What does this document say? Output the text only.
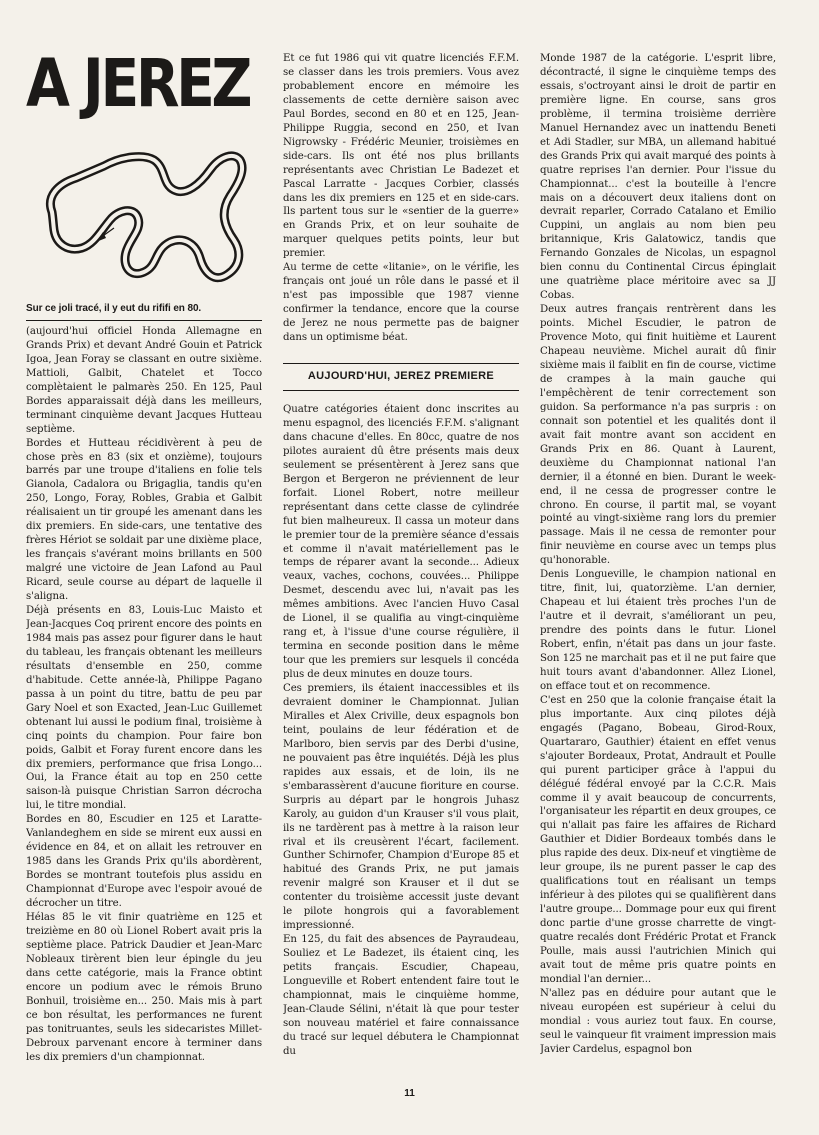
A JEREZ
Sur ce joli tracé, il y eut du rififi en 80.

(aujourd'hui officiel Honda Allemagne en Grands Prix) et devant André Gouin et Patrick Igoa, Jean Foray se classant en outre sixième. Mattioli, Galbit, Chatelet et Tocco complètaient le palmarès 250. En 125, Paul Bordes apparaissait déjà dans les meilleurs, terminant cinquième devant Jacques Hutteau septième.

Bordes et Hutteau récidivèrent à peu de chose près en 83 (six et onzième), toujours barrés par une troupe d'italiens en folie tels Gianola, Cadalora ou Brigaglia, tandis qu'en 250, Longo, Foray, Robles, Grabia et Galbit réalisaient un tir groupé les amenant dans les dix premiers. En side-cars, une tentative des frères Hériot se soldait par une dixième place, les français s'avérant moins brillants en 500 malgré une victoire de Jean Lafond au Paul Ricard, seule course au départ de laquelle il s'aligna.

Déjà présents en 83, Louis-Luc Maisto et Jean-Jacques Coq prirent encore des points en 1984 mais pas assez pour figurer dans le haut du tableau, les français obtenant les meilleurs résultats d'ensemble en 250, comme d'habitude. Cette année-là, Philippe Pagano passa à un point du titre, battu de peu par Gary Noel et son Exacted, Jean-Luc Guillemet obtenant lui aussi le podium final, troisième à cinq points du champion. Pour faire bon poids, Galbit et Foray furent encore dans les dix premiers, performance que frisa Longo... Oui, la France était au top en 250 cette saison-là puisque Christian Sarron décrocha lui, le titre mondial.

Bordes en 80, Escudier en 125 et Laratte-Vanlandeghem en side se mirent eux aussi en évidence en 84, et on allait les retrouver en 1985 dans les Grands Prix qu'ils abordèrent, Bordes se montrant toutefois plus assidu en Championnat d'Europe avec l'espoir avoué de décrocher un titre.

Hélas 85 le vit finir quatrième en 125 et treizième en 80 où Lionel Robert avait pris la septième place. Patrick Daudier et Jean-Marc Nobleaux tirèrent bien leur épingle du jeu dans cette catégorie, mais la France obtint encore un podium avec le rémois Bruno Bonhuil, troisième en... 250. Mais mis à part ce bon résultat, les performances ne furent pas tonitruantes, seuls les sidecaristes Millet-Debroux parvenant encore à terminer dans les dix premiers d'un championnat.

Et ce fut 1986 qui vit quatre licenciés F.F.M. se classer dans les trois premiers. Vous avez probablement encore en mémoire les classements de cette dernière saison avec Paul Bordes, second en 80 et en 125, Jean-Philippe Ruggia, second en 250, et Ivan Nigrowsky - Frédéric Meunier, troisièmes en side-cars. Ils ont été nos plus brillants représentants avec Christian Le Badezet et Pascal Larratte - Jacques Corbier, classés dans les dix premiers en 125 et en side-cars. Ils partent tous sur le «sentier de la guerre» en Grands Prix, et on leur souhaite de marquer quelques petits points, leur but premier.

Au terme de cette «litanie», on le vérifie, les français ont joué un rôle dans le passé et il n'est pas impossible que 1987 vienne confirmer la tendance, encore que la course de Jerez ne nous permette pas de baigner dans un optimisme béat.

AUJOURD'HUI, JEREZ PREMIERE

Quatre catégories étaient donc inscrites au menu espagnol, des licenciés F.F.M. s'alignant dans chacune d'elles. En 80cc, quatre de nos pilotes auraient dû être présents mais deux seulement se présentèrent à Jerez sans que Bergon et Bergeron ne préviennent de leur forfait. Lionel Robert, notre meilleur représentant dans cette classe de cylindrée fut bien malheureux. Il cassa un moteur dans le premier tour de la première séance d'essais et comme il n'avait matériellement pas le temps de réparer avant la seconde... Adieux veaux, vaches, cochons, couvées... Philippe Desmet, descendu avec lui, n'avait pas les mêmes ambitions. Avec l'ancien Huvo Casal de Lionel, il se qualifia au vingt-cinquième rang et, à l'issue d'une course régulière, il termina en seconde position dans le même tour que les premiers sur lesquels il concéda plus de deux minutes en douze tours.

Ces premiers, ils étaient inaccessibles et ils devraient dominer le Championnat. Julian Miralles et Alex Criville, deux espagnols bon teint, poulains de leur fédération et de Marlboro, bien servis par des Derbi d'usine, ne pouvaient pas être inquiétés. Déjà les plus rapides aux essais, et de loin, ils ne s'embarassèrent d'aucune fioriture en course. Surpris au départ par le hongrois Juhasz Karoly, au guidon d'un Krauser s'il vous plait, ils ne tardèrent pas à mettre à la raison leur rival et ils creusèrent l'écart, facilement. Gunther Schirnofer, Champion d'Europe 85 et habitué des Grands Prix, ne put jamais revenir malgré son Krauser et il dut se contenter du troisième accessit juste devant le pilote hongrois qui a favorablement impressionné.

En 125, du fait des absences de Payraudeau, Souliez et Le Badezet, ils étaient cinq, les petits français. Escudier, Chapeau, Longueville et Robert entendent faire tout le championnat, mais le cinquième homme, Jean-Claude Sélini, n'était là que pour tester son nouveau matériel et faire connaissance du tracé sur lequel débutera le Championnat du

Monde 1987 de la catégorie. L'esprit libre, décontracté, il signe le cinquième temps des essais, s'octroyant ainsi le droit de partir en première ligne. En course, sans gros problème, il termina troisième derrière Manuel Hernandez avec un inattendu Beneti et Adi Stadler, sur MBA, un allemand habitué des Grands Prix qui avait marqué des points à quatre reprises l'an dernier. Pour l'issue du Championnat... c'est la bouteille à l'encre mais on a découvert deux italiens dont on devrait reparler, Corrado Catalano et Emilio Cuppini, un anglais au nom bien peu britannique, Kris Galatowicz, tandis que Fernando Gonzales de Nicolas, un espagnol bien connu du Continental Circus épinglait une quatrième place méritoire avec sa JJ Cobas.

Deux autres français rentrèrent dans les points. Michel Escudier, le patron de Provence Moto, qui finit huitième et Laurent Chapeau neuvième. Michel aurait dû finir sixième mais il faiblit en fin de course, victime de crampes à la main gauche qui l'empêchèrent de tenir correctement son guidon. Sa performance n'a pas surpris : on connait son potentiel et les qualités dont il avait fait montre avant son accident en Grands Prix en 86. Quant à Laurent, deuxième du Championnat national l'an dernier, il a étonné en bien. Durant le week-end, il ne cessa de progresser contre le chrono. En course, il partit mal, se voyant pointé au vingt-sixième rang lors du premier passage. Mais il ne cessa de remonter pour finir neuvième en course avec un temps plus qu'honorable.

Denis Longueville, le champion national en titre, finit, lui, quatorzième. L'an dernier, Chapeau et lui étaient très proches l'un de l'autre et il devrait, s'améliorant un peu, prendre des points dans le futur. Lionel Robert, enfin, n'était pas dans un jour faste. Son 125 ne marchait pas et il ne put faire que huit tours avant d'abandonner. Allez Lionel, on efface tout et on recommence.

C'est en 250 que la colonie française était la plus importante. Aux cinq pilotes déjà engagés (Pagano, Bobeau, Girod-Roux, Quartararo, Gauthier) étaient en effet venus s'ajouter Bordeaux, Protat, Andrault et Poulle qui purent participer grâce à l'appui du délégué fédéral envoyé par la C.C.R. Mais comme il y avait beaucoup de concurrents, l'organisateur les répartit en deux groupes, ce qui n'allait pas faire les affaires de Richard Gauthier et Didier Bordeaux tombés dans le plus rapide des deux. Dix-neuf et vingtième de leur groupe, ils ne purent passer le cap des qualifications tout en réalisant un temps inférieur à des pilotes qui se qualifièrent dans l'autre groupe... Dommage pour eux qui firent donc partie d'une grosse charrette de vingt-quatre recalés dont Frédéric Protat et Franck Poulle, mais aussi l'autrichien Minich qui avait tout de même pris quatre points en mondial l'an dernier...

N'allez pas en déduire pour autant que le niveau européen est supérieur à celui du mondial : vous auriez tout faux. En course, seul le vainqueur fit vraiment impression mais Javier Cardelus, espagnol bon

11
